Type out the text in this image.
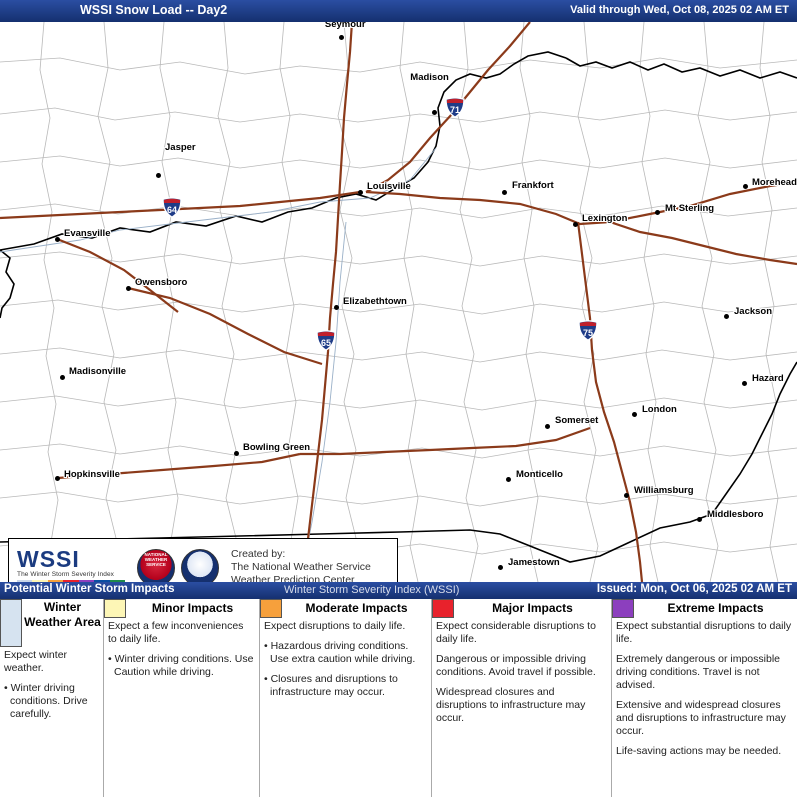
WSSI Snow Load -- Day2	Valid through Wed, Oct 08, 2025 02 AM ET
Seymour
Madison
Jasper
Louisville	Frankfort	Morehead
Lexington
Mt Sterling
Evansville
Owensboro
Elizabethtown
Jackson
Madisonville
Hazard
Somerset
London
Bowling Green
Monticello
Hopkinsville
Williamsburg
Middlesboro
Jamestown
71
64
65
75
WSSI
The Winter Storm Severity Index
NATIONAL WEATHER SERVICE
NOAA
Created by:
The National Weather Service
Weather Prediction Center
Potential Winter Storm Impacts	Winter Storm Severity Index (WSSI)	Issued: Mon, Oct 06, 2025 02 AM ET
Winter Weather Area

Expect winter weather.

• Winter driving conditions. Drive carefully.

Minor Impacts

Expect a few inconveniences to daily life.

• Winter driving conditions. Use Caution while driving.

Moderate Impacts

Expect disruptions to daily life.

• Hazardous driving conditions. Use extra caution while driving.

• Closures and disruptions to infrastructure may occur.

Major Impacts

Expect considerable disruptions to daily life.

Dangerous or impossible driving conditions. Avoid travel if possible.

Widespread closures and disruptions to infrastructure may occur.

Extreme Impacts

Expect substantial disruptions to daily life.

Extremely dangerous or impossible driving conditions. Travel is not advised.

Extensive and widespread closures and disruptions to infrastructure may occur.

Life-saving actions may be needed.
